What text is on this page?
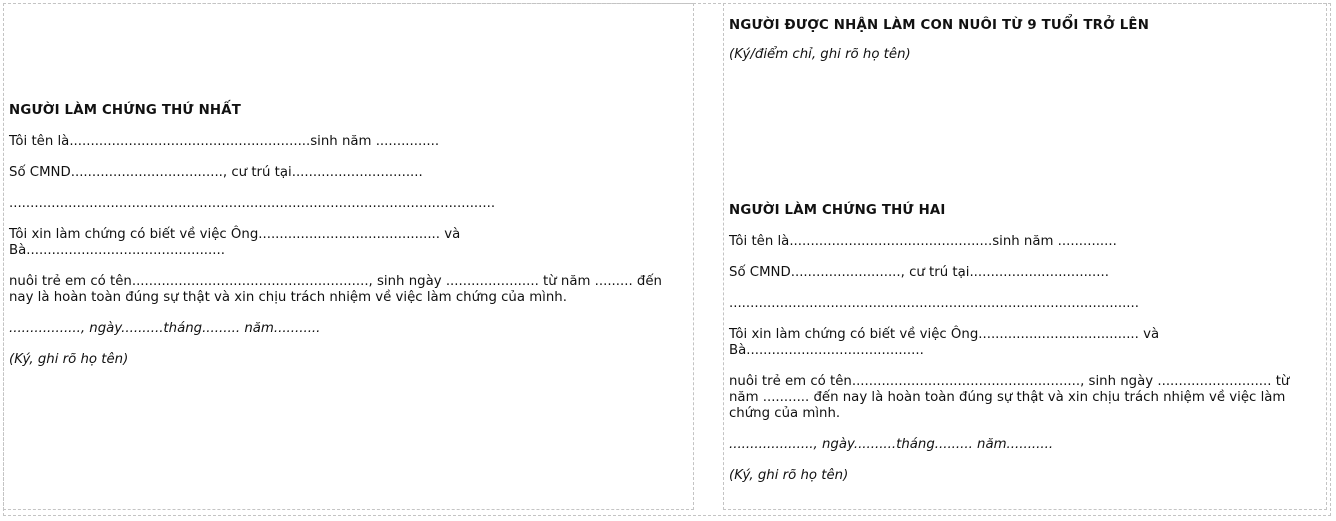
NGƯỜI LÀM CHỨNG THỨ NHẤT

Tôi tên là.........................................................sinh năm ...............

Số CMND...................................., cư trú tại...............................

...................................................................................................................

Tôi xin làm chứng có biết về việc Ông........................................... và Bà...............................................

nuôi trẻ em có tên........................................................, sinh ngày ...................... từ năm ......... đến nay là hoàn toàn đúng sự thật và xin chịu trách nhiệm về việc làm chứng của mình.

................., ngày..........tháng......... năm...........

(Ký, ghi rõ họ tên)

NGƯỜI ĐƯỢC NHẬN LÀM CON NUÔI TỪ 9 TUỔI TRỞ LÊN

(Ký/điểm chỉ, ghi rõ họ tên)

NGƯỜI LÀM CHỨNG THỨ HAI

Tôi tên là................................................sinh năm ..............

Số CMND.........................., cư trú tại.................................

.................................................................................................

Tôi xin làm chứng có biết về việc Ông...................................... và Bà..........................................

nuôi trẻ em có tên......................................................, sinh ngày ........................... từ năm ........... đến nay là hoàn toàn đúng sự thật và xin chịu trách nhiệm về việc làm chứng của mình.

...................., ngày..........tháng......... năm...........

(Ký, ghi rõ họ tên)
